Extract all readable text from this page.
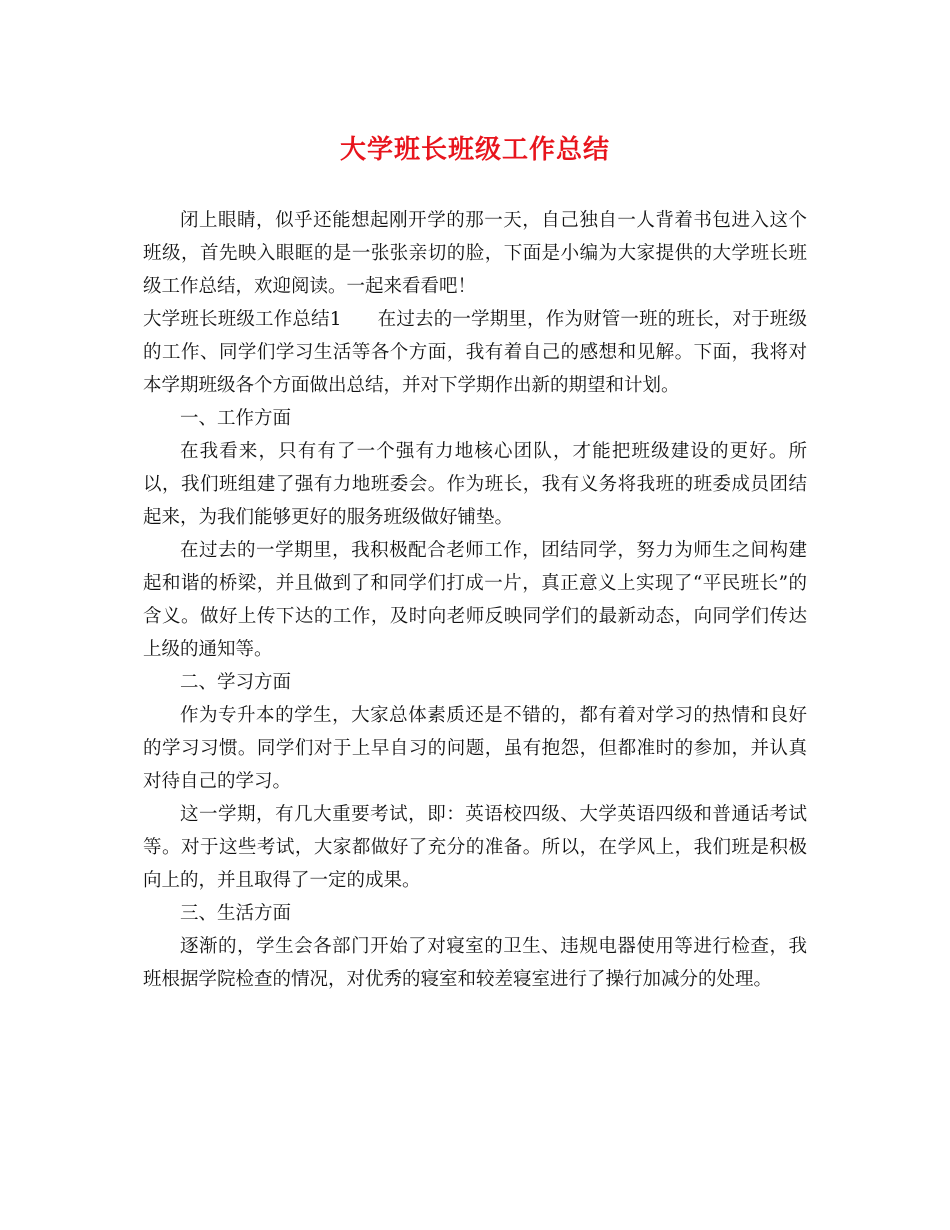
大学班长班级工作总结

闭上眼睛，似乎还能想起刚开学的那一天，自己独自一人背着书包进入这个班级，首先映入眼眶的是一张张亲切的脸，下面是小编为大家提供的大学班长班级工作总结，欢迎阅读。一起来看看吧！

大学班长班级工作总结1 在过去的一学期里，作为财管一班的班长，对于班级的工作、同学们学习生活等各个方面，我有着自己的感想和见解。下面，我将对本学期班级各个方面做出总结，并对下学期作出新的期望和计划。

一、工作方面

在我看来，只有有了一个强有力地核心团队，才能把班级建设的更好。所以，我们班组建了强有力地班委会。作为班长，我有义务将我班的班委成员团结起来，为我们能够更好的服务班级做好铺垫。

在过去的一学期里，我积极配合老师工作，团结同学，努力为师生之间构建起和谐的桥梁，并且做到了和同学们打成一片，真正意义上实现了“平民班长”的含义。做好上传下达的工作，及时向老师反映同学们的最新动态，向同学们传达上级的通知等。

二、学习方面

作为专升本的学生，大家总体素质还是不错的，都有着对学习的热情和良好的学习习惯。同学们对于上早自习的问题，虽有抱怨，但都准时的参加，并认真对待自己的学习。

这一学期，有几大重要考试，即：英语校四级、大学英语四级和普通话考试等。对于这些考试，大家都做好了充分的准备。所以，在学风上，我们班是积极向上的，并且取得了一定的成果。

三、生活方面

逐渐的，学生会各部门开始了对寝室的卫生、违规电器使用等进行检查，我班根据学院检查的情况，对优秀的寝室和较差寝室进行了操行加减分的处理。
